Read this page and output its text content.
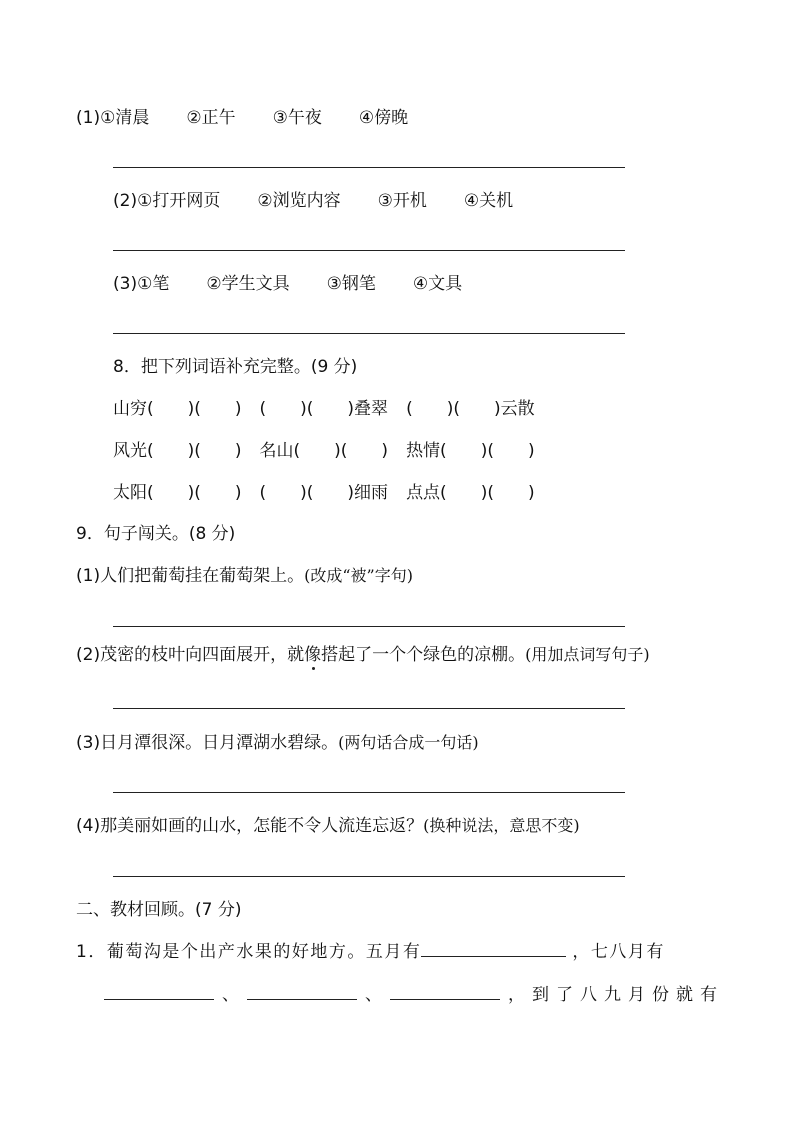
(1)①清晨 ②正午 ③午夜 ④傍晚
(2)①打开网页 ②浏览内容 ③开机 ④关机
(3)①笔 ②学生文具 ③钢笔 ④文具
8．把下列词语补充完整。(9 分)
山穷(　　)(　　) (　　)(　　)叠翠 (　　)(　　)云散
风光(　　)(　　) 名山(　　)(　　) 热情(　　)(　　)
太阳(　　)(　　) (　　)(　　)细雨 点点(　　)(　　)
9．句子闯关。(8 分)
(1)人们把葡萄挂在葡萄架上。(改成“被”字句)
(2)茂密的枝叶向四面展开，就像搭起了一个个绿色的凉棚。(用加点词写句子)
(3)日月潭很深。日月潭湖水碧绿。(两句话合成一句话)
(4)那美丽如画的山水，怎能不令人流连忘返？(换种说法，意思不变)
二、教材回顾。(7 分)
1．葡萄沟是个出产水果的好地方。五月有	，七八月有
、	、	，到了八九月份就有
